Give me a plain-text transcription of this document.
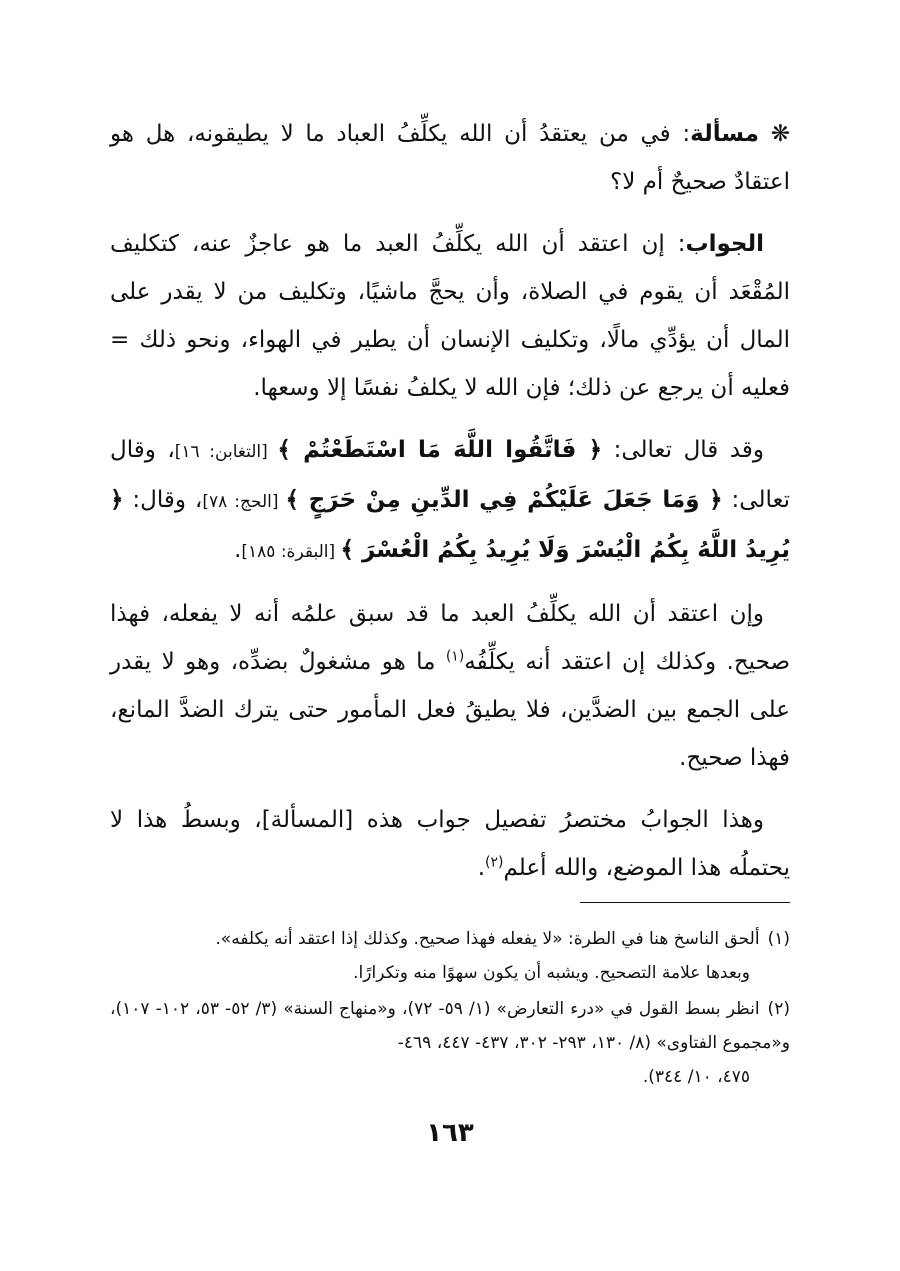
❋ مسألة: في من يعتقدُ أن الله يكلِّفُ العباد ما لا يطيقونه، هل هو اعتقادٌ صحيحٌ أم لا؟

الجواب: إن اعتقد أن الله يكلِّفُ العبد ما هو عاجزٌ عنه، كتكليف المُقْعَد أن يقوم في الصلاة، وأن يحجَّ ماشيًا، وتكليف من لا يقدر على المال أن يؤدِّي مالًا، وتكليف الإنسان أن يطير في الهواء، ونحو ذلك = فعليه أن يرجع عن ذلك؛ فإن الله لا يكلفُ نفسًا إلا وسعها.

وقد قال تعالى: ﴿ فَاتَّقُوا اللَّهَ مَا اسْتَطَعْتُمْ ﴾ [التغابن: ١٦]، وقال تعالى: ﴿ وَمَا جَعَلَ عَلَيْكُمْ فِي الدِّينِ مِنْ حَرَجٍ ﴾ [الحج: ٧٨]، وقال: ﴿ يُرِيدُ اللَّهُ بِكُمُ الْيُسْرَ وَلَا يُرِيدُ بِكُمُ الْعُسْرَ ﴾ [البقرة: ١٨٥].

وإن اعتقد أن الله يكلِّفُ العبد ما قد سبق علمُه أنه لا يفعله، فهذا صحيح. وكذلك إن اعتقد أنه يكلِّفُه$^{(١)}$ ما هو مشغولٌ بضدِّه، وهو لا يقدر على الجمع بين الضدَّين، فلا يطيقُ فعل المأمور حتى يترك الضدَّ المانع، فهذا صحيح.

وهذا الجوابُ مختصرُ تفصيل جواب هذه [المسألة]، وبسطُ هذا لا يحتملُه هذا الموضع، والله أعلم$^{(٢)}$.

(١)ألحق الناسخ هنا في الطرة: «لا يفعله فهذا صحيح. وكذلك إذا اعتقد أنه يكلفه».
وبعدها علامة التصحيح. ويشبه أن يكون سهوًا منه وتكرارًا.
(٢)انظر بسط القول في «درء التعارض» (١/ ٥٩- ٧٢)، و«منهاج السنة» (٣/ ٥٢- ٥٣، ١٠٢- ١٠٧)، و«مجموع الفتاوى» (٨/ ١٣٠، ٢٩٣- ٣٠٢، ٤٣٧- ٤٤٧، ٤٦٩-
٤٧٥، ١٠/ ٣٤٤).
١٦٣
